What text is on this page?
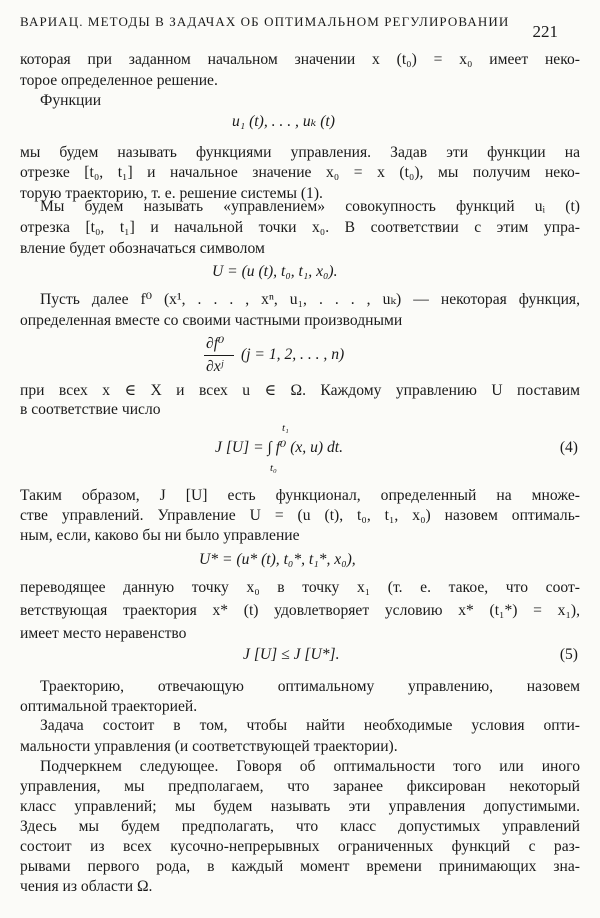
ВАРИАЦ. МЕТОДЫ В ЗАДАЧАХ ОБ ОПТИМАЛЬНОМ РЕГУЛИРОВАНИИ
221
которая при заданном начальном значении x (t₀) = x₀ имеет неко-
торое определенное решение.
Функции
u₁ (t), . . . , uₖ (t)
мы будем называть функциями управления. Задав эти функции на
отрезке [t₀, t₁] и начальное значение x₀ = x (t₀), мы получим неко-
торую траекторию, т. е. решение системы (1).
Мы будем называть «управлением» совокупность функций uᵢ (t)
отрезка [t₀, t₁] и начальной точки x₀. В соответствии с этим упра-
вление будет обозначаться символом
U = (u (t), t₀, t₁, x₀).
Пусть далее f⁰ (x¹, . . . , xⁿ, u₁, . . . , uₖ) — некоторая функция,
определенная вместе со своими частными производными
∂f⁰
∂xʲ
(j = 1, 2, . . . , n)
при всех x ∈ X и всех u ∈ Ω. Каждому управлению U поставим
в соответствие число
t₁
J [U] = ∫ f⁰ (x, u) dt.
t₀
(4)
Таким образом, J [U] есть функционал, определенный на множе-
стве управлений. Управление U = (u (t), t₀, t₁, x₀) назовем оптималь-
ным, если, каково бы ни было управление
U* = (u* (t), t₀*, t₁*, x₀),
переводящее данную точку x₀ в точку x₁ (т. е. такое, что соот-
ветствующая траектория x* (t) удовлетворяет условию x* (t₁*) = x₁),
имеет место неравенство
J [U] ≤ J [U*].	(5)
Траекторию, отвечающую оптимальному управлению, назовем
оптимальной траекторией.
Задача состоит в том, чтобы найти необходимые условия опти-
мальности управления (и соответствующей траектории).
Подчеркнем следующее. Говоря об оптимальности того или иного
управления, мы предполагаем, что заранее фиксирован некоторый
класс управлений; мы будем называть эти управления допустимыми.
Здесь мы будем предполагать, что класс допустимых управлений
состоит из всех кусочно-непрерывных ограниченных функций с раз-
рывами первого рода, в каждый момент времени принимающих зна-
чения из области Ω.
